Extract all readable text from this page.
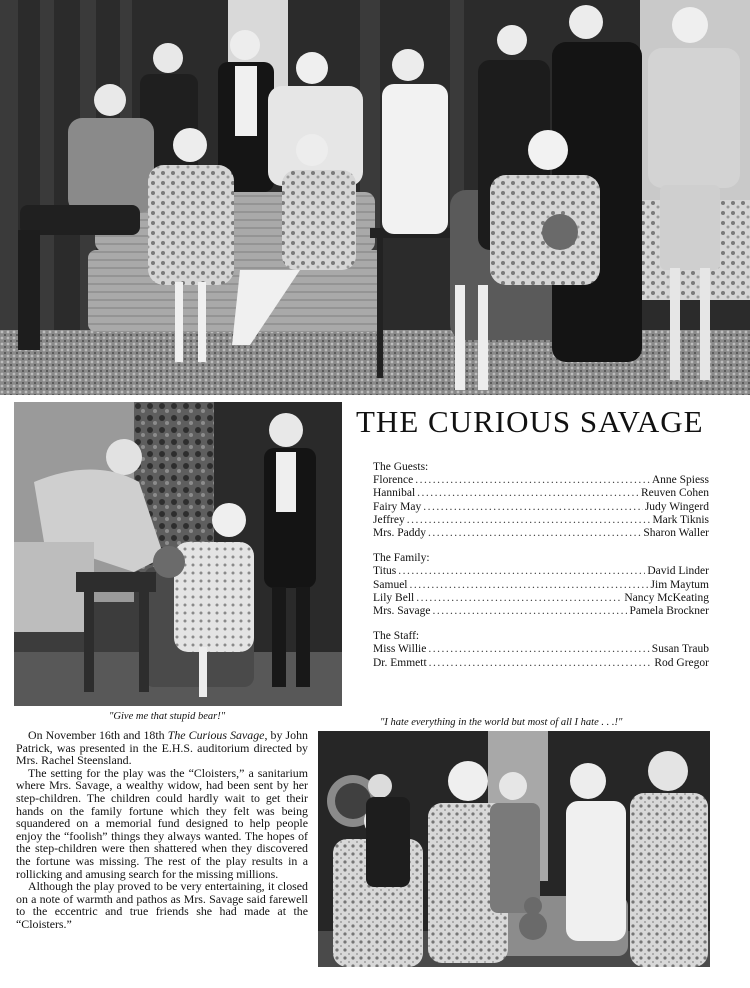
"Give me that stupid bear!"
THE CURIOUS SAVAGE
The Guests:
Florence .....	Anne Spiess
Hannibal .....	Reuven Cohen
Fairy May .....	Judy Wingerd
Jeffrey .....	Mark Tiknis
Mrs. Paddy .....	Sharon Waller
The Family:
Titus .....	David Linder
Samuel .....	Jim Maytum
Lily Bell .....	Nancy McKeating
Mrs. Savage .....	Pamela Brockner
The Staff:
Miss Willie .....	Susan Traub
Dr. Emmett .....	Rod Gregor
"I hate everything in the world but most of all I hate . . .!"

On November 16th and 18th The Curious Savage, by John Patrick, was presented in the E.H.S. auditorium directed by Mrs. Rachel Steensland.

The setting for the play was the “Cloisters,” a sanitarium where Mrs. Savage, a wealthy widow, had been sent by her step-children. The children could hardly wait to get their hands on the family fortune which they felt was being squandered on a memorial fund designed to help people enjoy the “foolish” things they always wanted. The hopes of the step-children were then shattered when they discovered the fortune was missing. The rest of the play results in a rollicking and amusing search for the missing millions.

Although the play proved to be very entertaining, it closed on a note of warmth and pathos as Mrs. Savage said farewell to the eccentric and true friends she had made at the “Cloisters.”
